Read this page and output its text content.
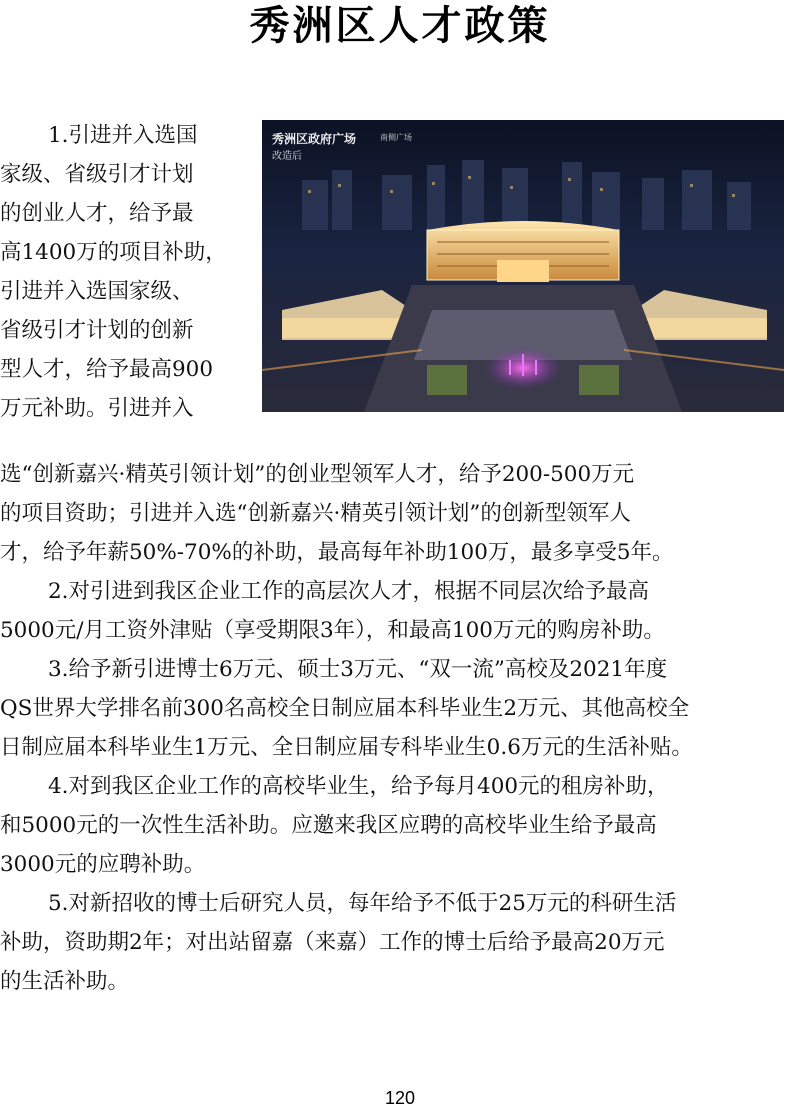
秀洲区人才政策
1.引进并入选国
家级、省级引才计划
的创业人才，给予最
高1400万的项目补助，
引进并入选国家级、
省级引才计划的创新
型人才，给予最高900
万元补助。引进并入
秀洲区政府广场	南侧广场
改造后
选“创新嘉兴·精英引领计划”的创业型领军人才，给予200-500万元
的项目资助；引进并入选“创新嘉兴·精英引领计划”的创新型领军人
才，给予年薪50%-70%的补助，最高每年补助100万，最多享受5年。
2.对引进到我区企业工作的高层次人才，根据不同层次给予最高
5000元/月工资外津贴（享受期限3年），和最高100万元的购房补助。
3.给予新引进博士6万元、硕士3万元、“双一流”高校及2021年度
QS世界大学排名前300名高校全日制应届本科毕业生2万元、其他高校全
日制应届本科毕业生1万元、全日制应届专科毕业生0.6万元的生活补贴。
4.对到我区企业工作的高校毕业生，给予每月400元的租房补助，
和5000元的一次性生活补助。应邀来我区应聘的高校毕业生给予最高
3000元的应聘补助。
5.对新招收的博士后研究人员，每年给予不低于25万元的科研生活
补助，资助期2年；对出站留嘉（来嘉）工作的博士后给予最高20万元
的生活补助。
120
